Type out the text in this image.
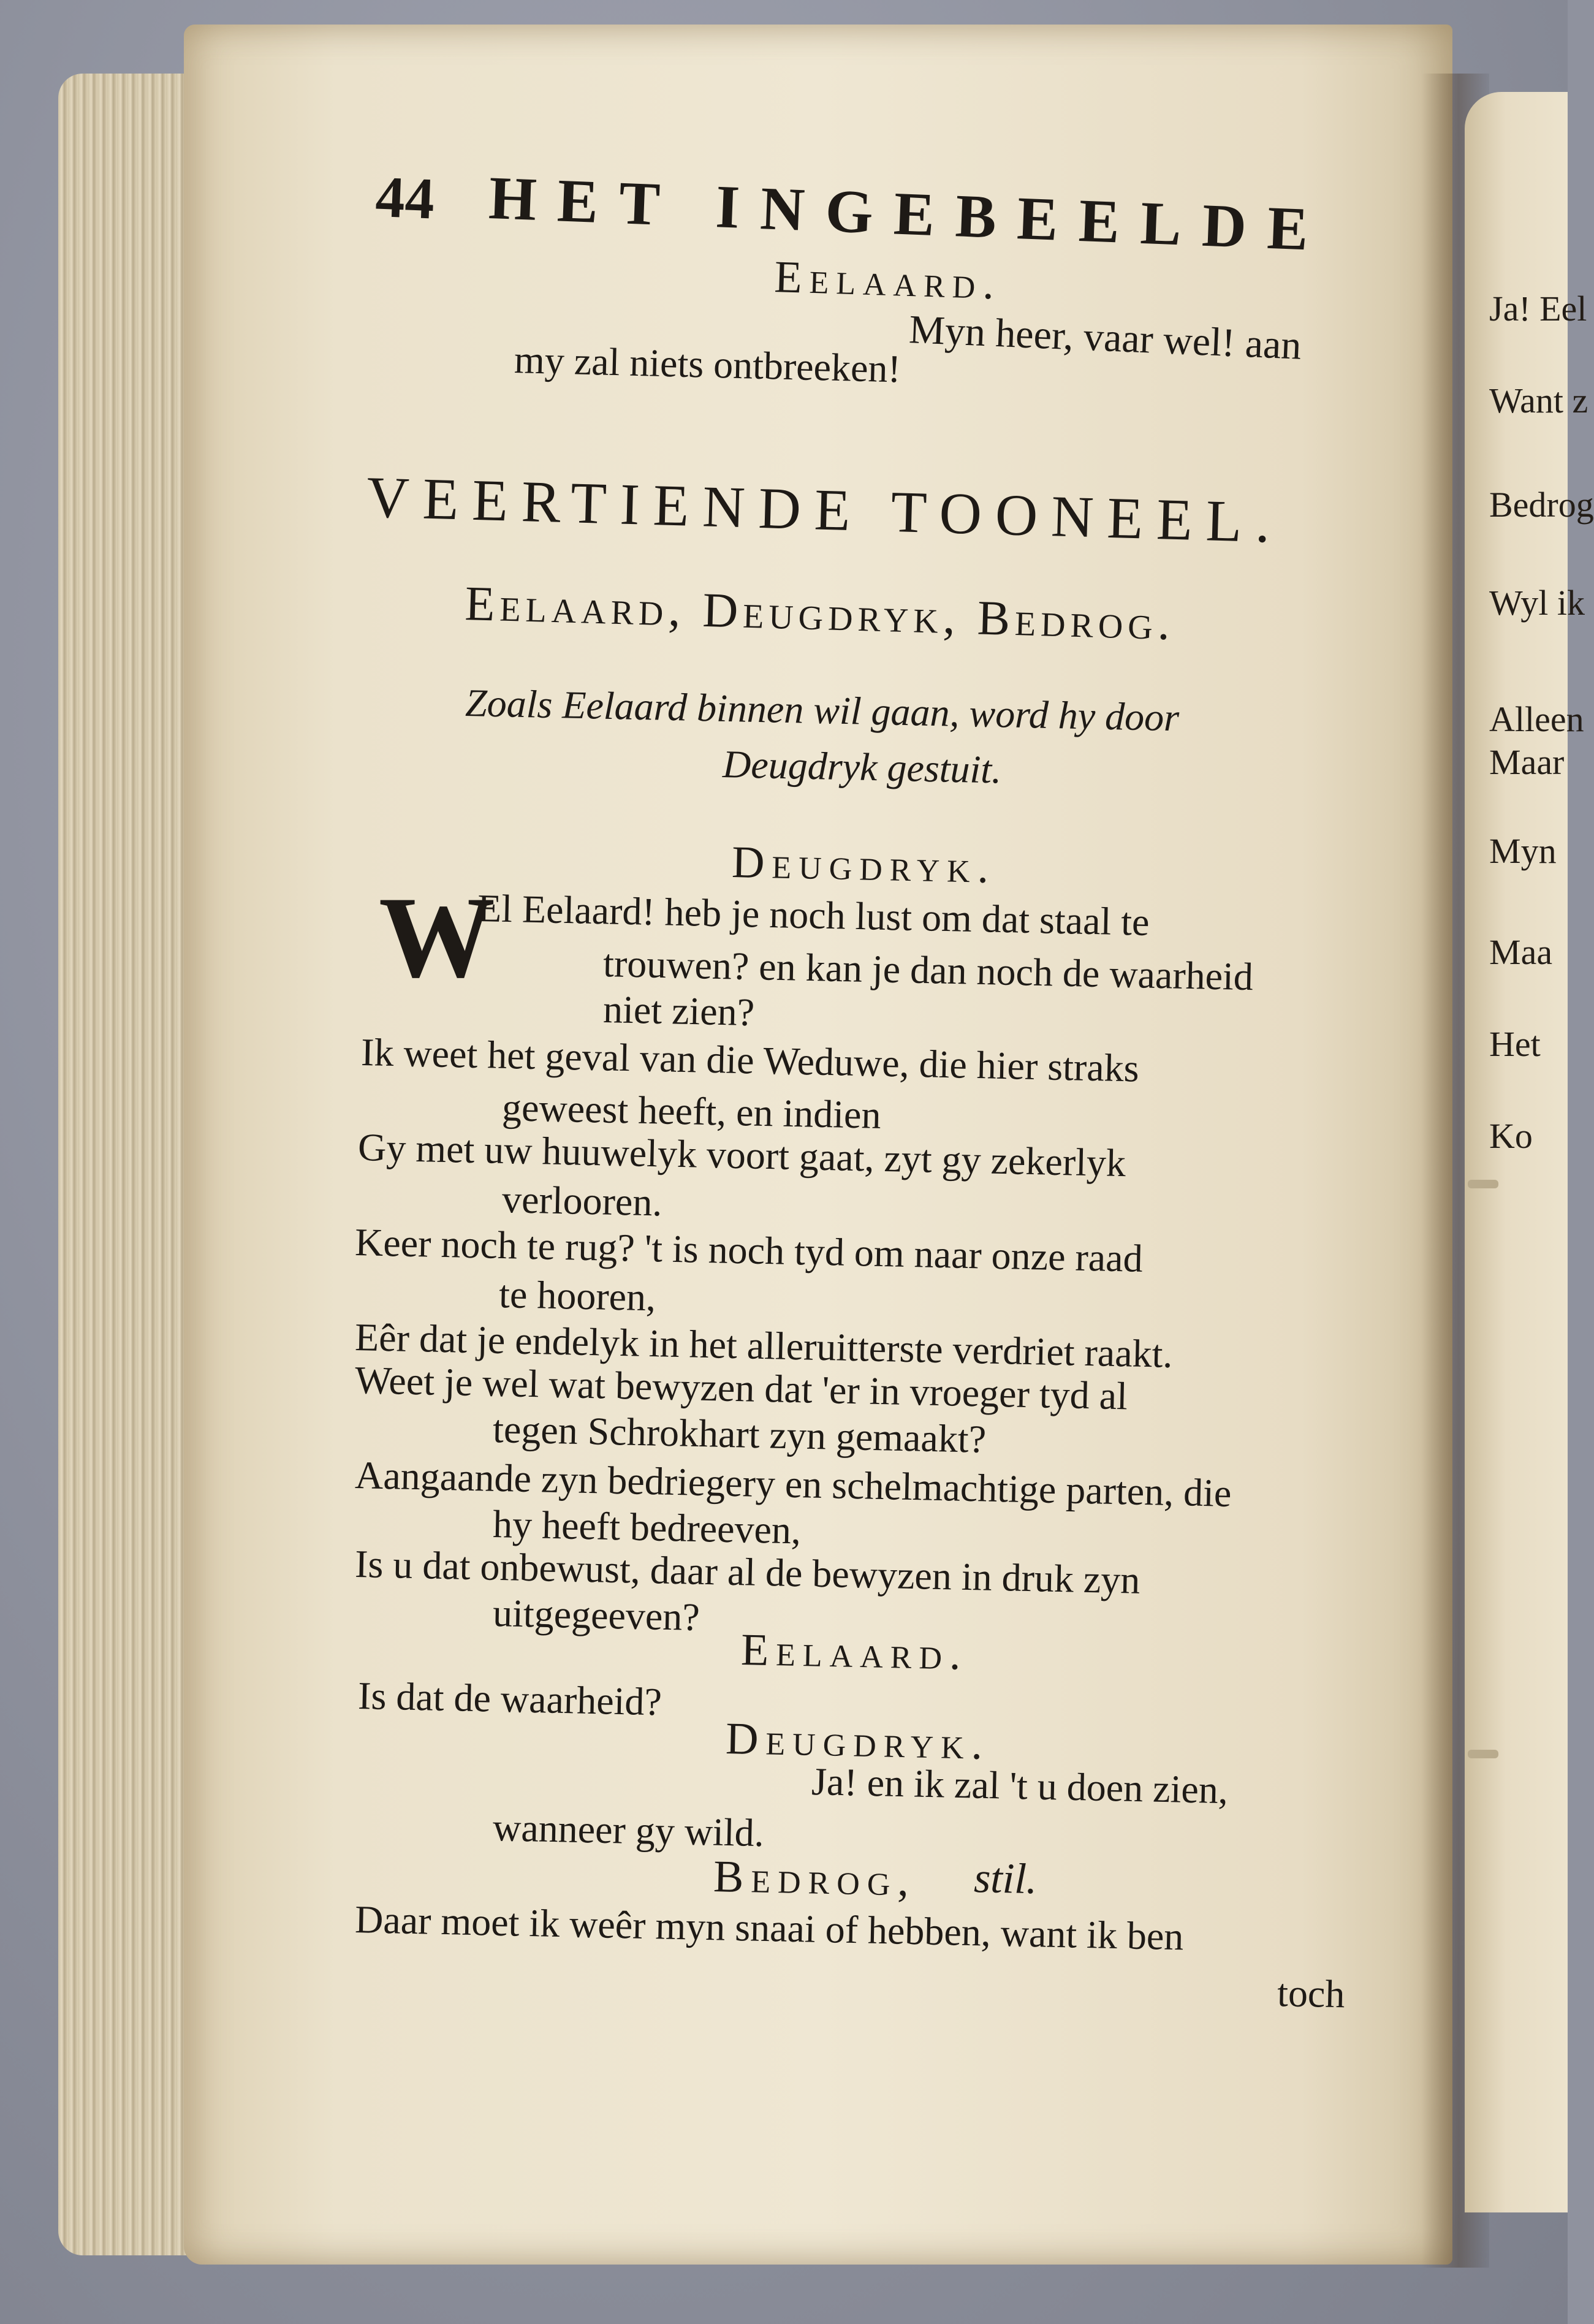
Ja! Eel
Want z
Bedrog
Wyl ik
Alleen
Maar
Myn
Maa
Het
Ko
44 HET INGEBEELDE
Eelaard.
Myn heer, vaar wel! aan
my zal niets ontbreeken!
VEERTIENDE TOONEEL.
Eelaard, Deugdryk, Bedrog.
Zoals Eelaard binnen wil gaan, word hy door
Deugdryk gestuit.
Deugdryk.
W
El Eelaard! heb je noch lust om dat staal te
trouwen? en kan je dan noch de waarheid
niet zien?
Ik weet het geval van die Weduwe, die hier straks
geweest heeft, en indien
Gy met uw huuwelyk voort gaat, zyt gy zekerlyk
verlooren.
Keer noch te rug? 't is noch tyd om naar onze raad
te hooren,
Eêr dat je endelyk in het alleruitterste verdriet raakt.
Weet je wel wat bewyzen dat 'er in vroeger tyd al
tegen Schrokhart zyn gemaakt?
Aangaande zyn bedriegery en schelmachtige parten, die
hy heeft bedreeven,
Is u dat onbewust, daar al de bewyzen in druk zyn
uitgegeeven?
Eelaard.
Is dat de waarheid?
Deugdryk.
Ja! en ik zal 't u doen zien,
wanneer gy wild.
Bedrog, stil.
Daar moet ik weêr myn snaai of hebben, want ik ben
toch
